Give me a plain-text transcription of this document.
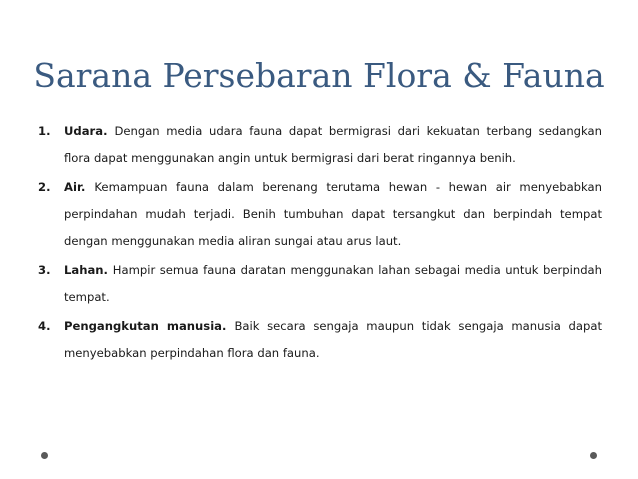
Sarana Persebaran Flora & Fauna
1. Udara. Dengan media udara fauna dapat bermigrasi dari kekuatan terbang sedangkan flora dapat menggunakan angin untuk bermigrasi dari berat ringannya benih.
2. Air. Kemampuan fauna dalam berenang terutama hewan - hewan air menyebabkan perpindahan mudah terjadi. Benih tumbuhan dapat tersangkut dan berpindah tempat dengan menggunakan media aliran sungai atau arus laut.
3. Lahan. Hampir semua fauna daratan menggunakan lahan sebagai media untuk berpindah tempat.
4. Pengangkutan manusia. Baik secara sengaja maupun tidak sengaja manusia dapat menyebabkan perpindahan flora dan fauna.
